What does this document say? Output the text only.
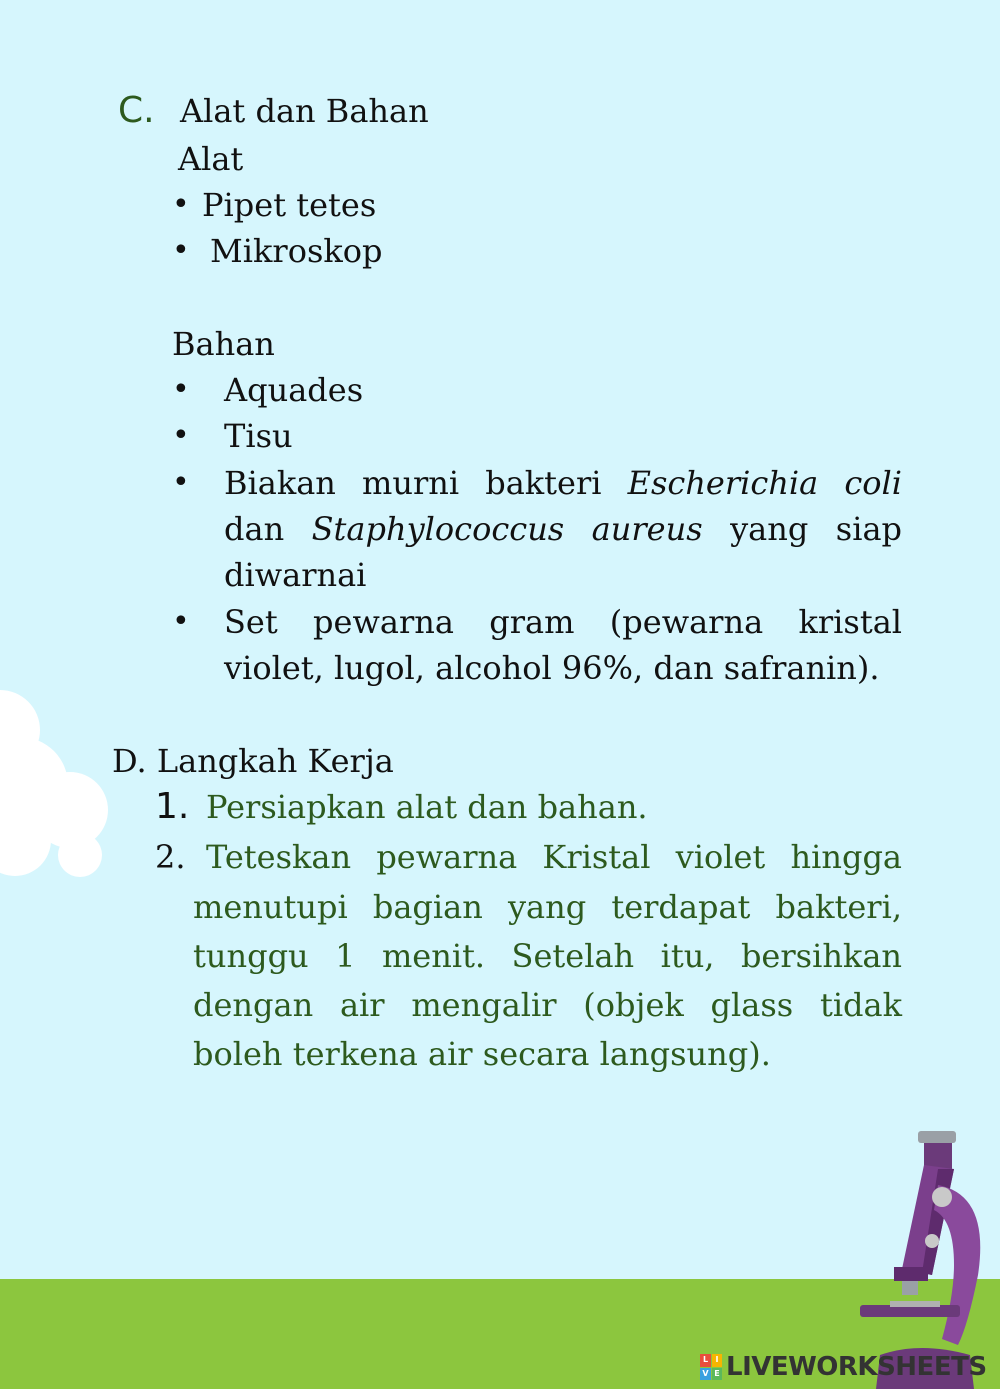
C. Alat dan Bahan
Alat
• Pipet tetes
• Mikroskop
Bahan
• Aquades
• Tisu
• Biakan murni bakteri Escherichia coli
dan Staphylococcus aureus yang siap
diwarnai
• Set pewarna gram (pewarna kristal
violet, lugol, alcohol 96%, dan safranin).
D. Langkah Kerja
1. Persiapkan alat dan bahan.
2. Teteskan pewarna Kristal violet hingga
menutupi bagian yang terdapat bakteri,
tunggu 1 menit. Setelah itu, bersihkan
dengan air mengalir (objek glass tidak
boleh terkena air secara langsung).
L I
V E LIVEWORKSHEETS
